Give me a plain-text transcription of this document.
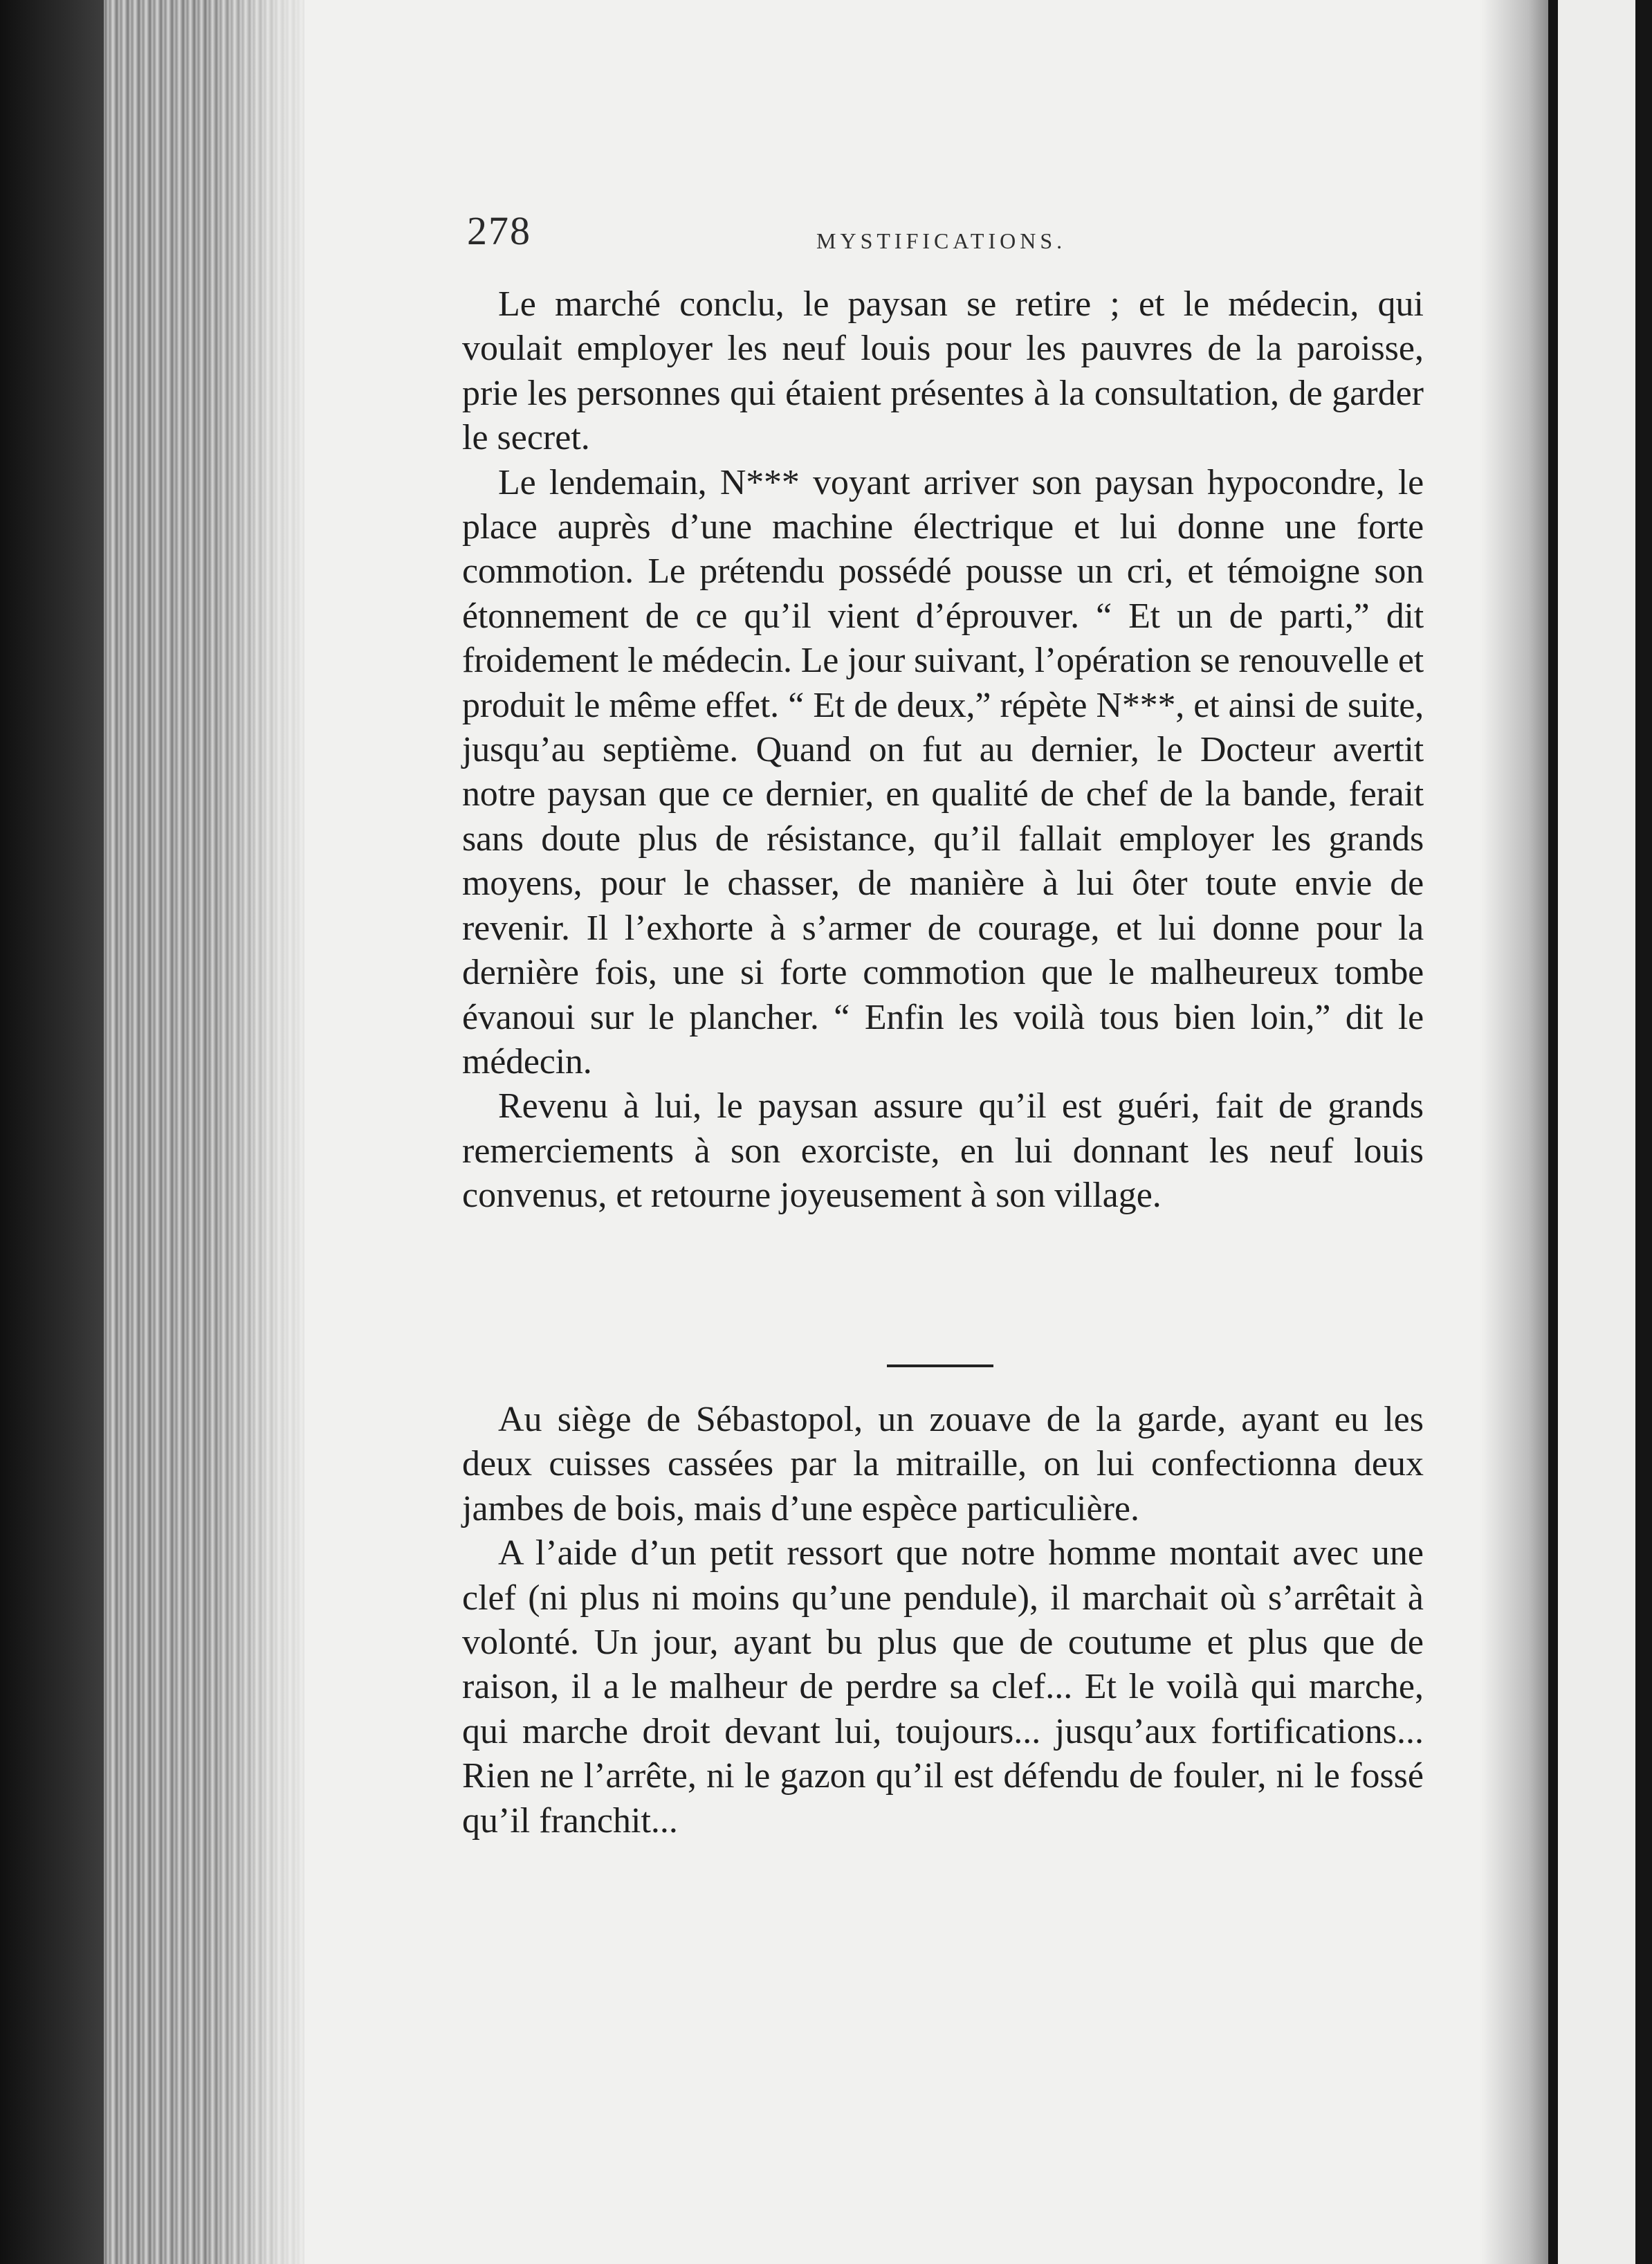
278	MYSTIFICATIONS.

Le marché conclu, le paysan se retire ; et le médecin, qui voulait employer les neuf louis pour les pauvres de la paroisse, prie les personnes qui étaient présentes à la consultation, de garder le secret.

Le lendemain, N*** voyant arriver son paysan hypocondre, le place auprès d’une machine électrique et lui donne une forte commotion. Le prétendu possédé pousse un cri, et témoigne son étonnement de ce qu’il vient d’éprouver. “ Et un de parti,” dit froidement le médecin. Le jour suivant, l’opération se renouvelle et produit le même effet. “ Et de deux,” répète N***, et ainsi de suite, jusqu’au septième. Quand on fut au dernier, le Docteur avertit notre paysan que ce dernier, en qualité de chef de la bande, ferait sans doute plus de résistance, qu’il fallait employer les grands moyens, pour le chasser, de manière à lui ôter toute envie de revenir. Il l’exhorte à s’armer de courage, et lui donne pour la dernière fois, une si forte commotion que le malheureux tombe évanoui sur le plancher. “ Enfin les voilà tous bien loin,” dit le médecin.

Revenu à lui, le paysan assure qu’il est guéri, fait de grands remerciements à son exorciste, en lui donnant les neuf louis convenus, et retourne joyeusement à son village.

Au siège de Sébastopol, un zouave de la garde, ayant eu les deux cuisses cassées par la mitraille, on lui confectionna deux jambes de bois, mais d’une espèce particulière.

A l’aide d’un petit ressort que notre homme montait avec une clef (ni plus ni moins qu’une pendule), il marchait où s’arrêtait à volonté. Un jour, ayant bu plus que de coutume et plus que de raison, il a le malheur de perdre sa clef... Et le voilà qui marche, qui marche droit devant lui, toujours... jusqu’aux fortifications... Rien ne l’arrête, ni le gazon qu’il est défendu de fouler, ni le fossé qu’il franchit...
